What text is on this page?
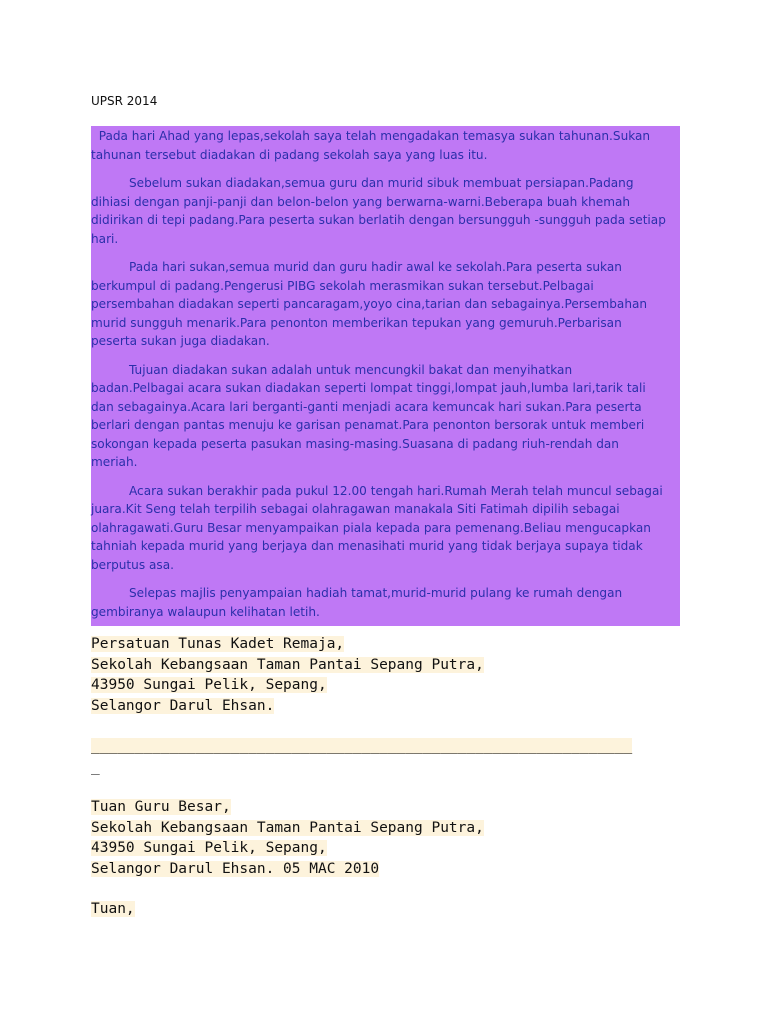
UPSR 2014

Pada hari Ahad yang lepas,sekolah saya telah mengadakan temasya sukan tahunan.Sukan tahunan tersebut diadakan di padang sekolah saya yang luas itu.

Sebelum sukan diadakan,semua guru dan murid sibuk membuat persiapan.Padang dihiasi dengan panji-panji dan belon-belon yang berwarna-warni.Beberapa buah khemah didirikan di tepi padang.Para peserta sukan berlatih dengan bersungguh -sungguh pada setiap hari.

Pada hari sukan,semua murid dan guru hadir awal ke sekolah.Para peserta sukan berkumpul di padang.Pengerusi PIBG sekolah merasmikan sukan tersebut.Pelbagai persembahan diadakan seperti pancaragam,yoyo cina,tarian dan sebagainya.Persembahan murid sungguh menarik.Para penonton memberikan tepukan yang gemuruh.Perbarisan peserta sukan juga diadakan.

Tujuan diadakan sukan adalah untuk mencungkil bakat dan menyihatkan badan.Pelbagai acara sukan diadakan seperti lompat tinggi,lompat jauh,lumba lari,tarik tali dan sebagainya.Acara lari berganti-ganti menjadi acara kemuncak hari sukan.Para peserta berlari dengan pantas menuju ke garisan penamat.Para penonton bersorak untuk memberi sokongan kepada peserta pasukan masing-masing.Suasana di padang riuh-rendah dan meriah.

Acara sukan berakhir pada pukul 12.00 tengah hari.Rumah Merah telah muncul sebagai juara.Kit Seng telah terpilih sebagai olahragawan manakala Siti Fatimah dipilih sebagai olahragawati.Guru Besar menyampaikan piala kepada para pemenang.Beliau mengucapkan tahniah kepada murid yang berjaya dan menasihati murid yang tidak berjaya supaya tidak berputus asa.

Selepas majlis penyampaian hadiah tamat,murid-murid pulang ke rumah dengan gembiranya walaupun kelihatan letih.

Persatuan Tunas Kadet Remaja,
Sekolah Kebangsaan Taman Pantai Sepang Putra,
43950 Sungai Pelik, Sepang,
Selangor Darul Ehsan.
______________________________________________________________
_
Tuan Guru Besar,
Sekolah Kebangsaan Taman Pantai Sepang Putra,
43950 Sungai Pelik, Sepang,
Selangor Darul Ehsan. 05 MAC 2010
Tuan,
